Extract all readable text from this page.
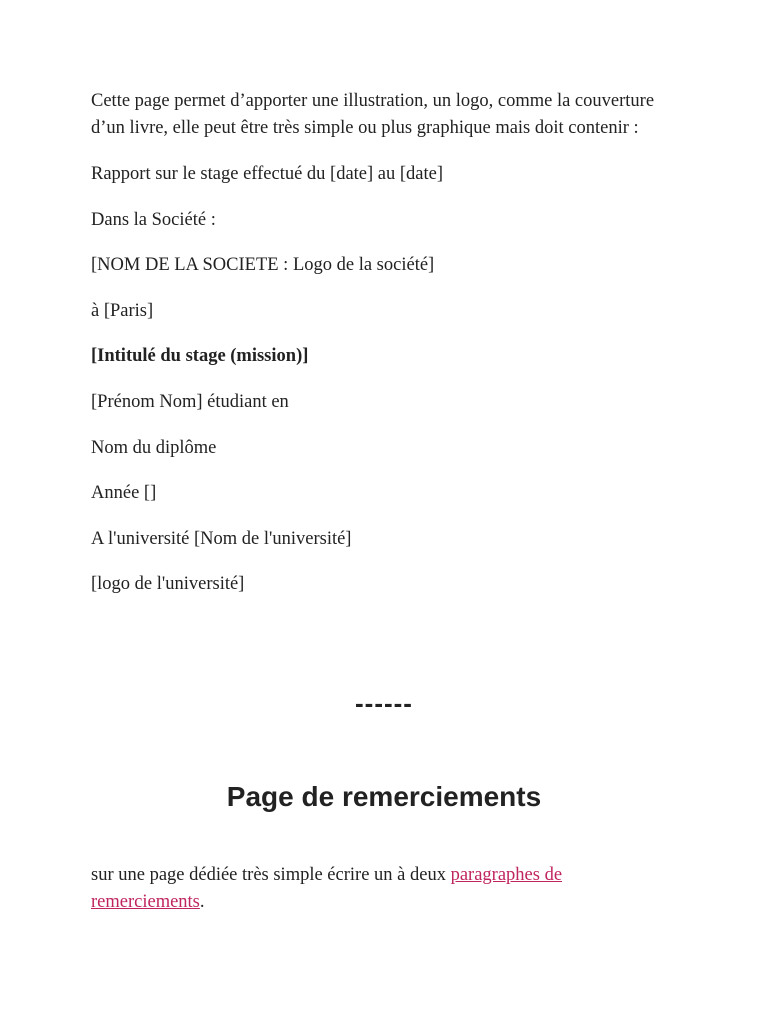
Cette page permet d’apporter une illustration, un logo, comme la couverture d’un livre, elle peut être très simple ou plus graphique mais doit contenir :

Rapport sur le stage effectué du [date] au [date]

Dans la Société :

[NOM DE LA SOCIETE : Logo de la société]

à [Paris]

[Intitulé du stage (mission)]

[Prénom Nom] étudiant en

Nom du diplôme

Année []

A l'université [Nom de l'université]

[logo de l'université]

------
Page de remerciements

sur une page dédiée très simple écrire un à deux paragraphes de remerciements.
